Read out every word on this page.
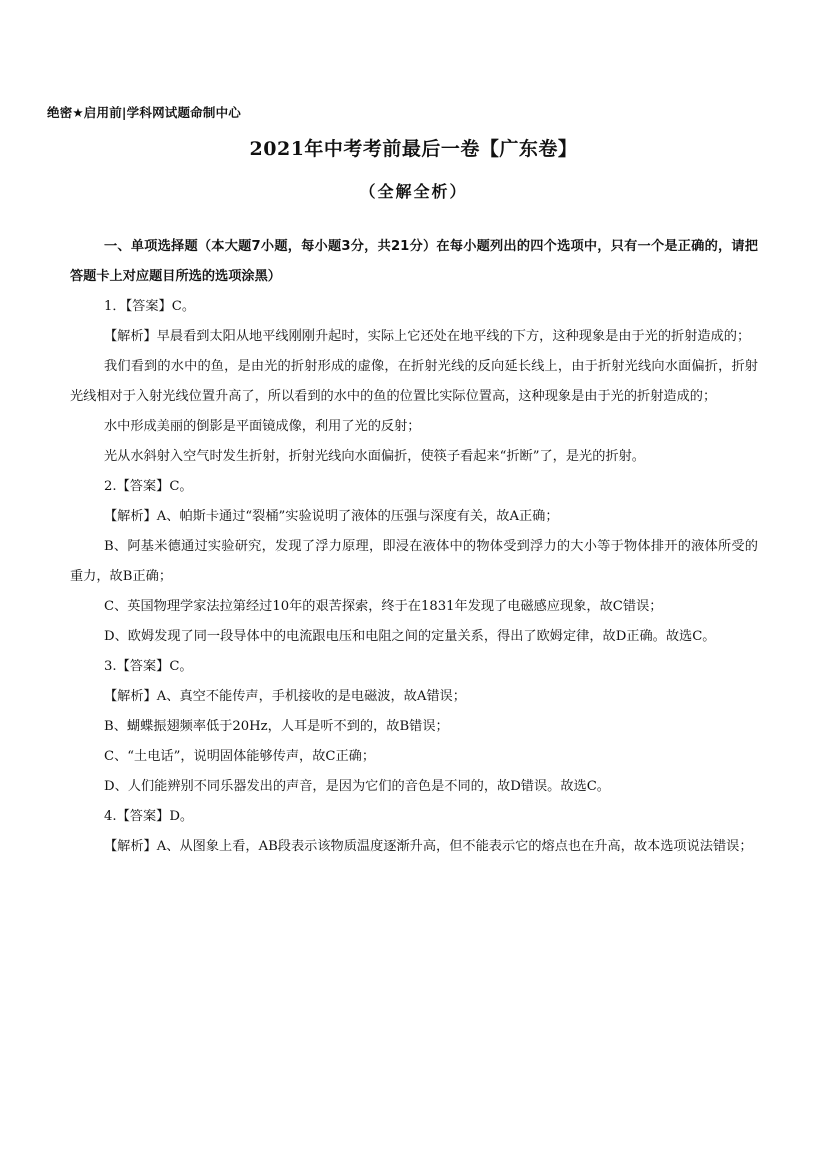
绝密★启用前|学科网试题命制中心
2021年中考考前最后一卷【广东卷】
（全解全析）

一、单项选择题（本大题7小题，每小题3分，共21分）在每小题列出的四个选项中，只有一个是正确的，请把答题卡上对应题目所选的选项涂黑）

1．【答案】C。

【解析】早晨看到太阳从地平线刚刚升起时，实际上它还处在地平线的下方，这种现象是由于光的折射造成的；

我们看到的水中的鱼，是由光的折射形成的虚像，在折射光线的反向延长线上，由于折射光线向水面偏折，折射光线相对于入射光线位置升高了，所以看到的水中的鱼的位置比实际位置高，这种现象是由于光的折射造成的；

水中形成美丽的倒影是平面镜成像，利用了光的反射；

光从水斜射入空气时发生折射，折射光线向水面偏折，使筷子看起来“折断”了，是光的折射。

2.【答案】C。

【解析】A、帕斯卡通过“裂桶”实验说明了液体的压强与深度有关，故A正确；

B、阿基米德通过实验研究，发现了浮力原理，即浸在液体中的物体受到浮力的大小等于物体排开的液体所受的重力，故B正确；

C、英国物理学家法拉第经过10年的艰苦探索，终于在1831年发现了电磁感应现象，故C错误；

D、欧姆发现了同一段导体中的电流跟电压和电阻之间的定量关系，得出了欧姆定律，故D正确。故选C。

3.【答案】C。

【解析】A、真空不能传声，手机接收的是电磁波，故A错误；

B、蝴蝶振翅频率低于20Hz，人耳是听不到的，故B错误；

C、“土电话”，说明固体能够传声，故C正确；

D、人们能辨别不同乐器发出的声音，是因为它们的音色是不同的，故D错误。故选C。

4.【答案】D。

【解析】A、从图象上看，AB段表示该物质温度逐渐升高，但不能表示它的熔点也在升高，故本选项说法错误；
